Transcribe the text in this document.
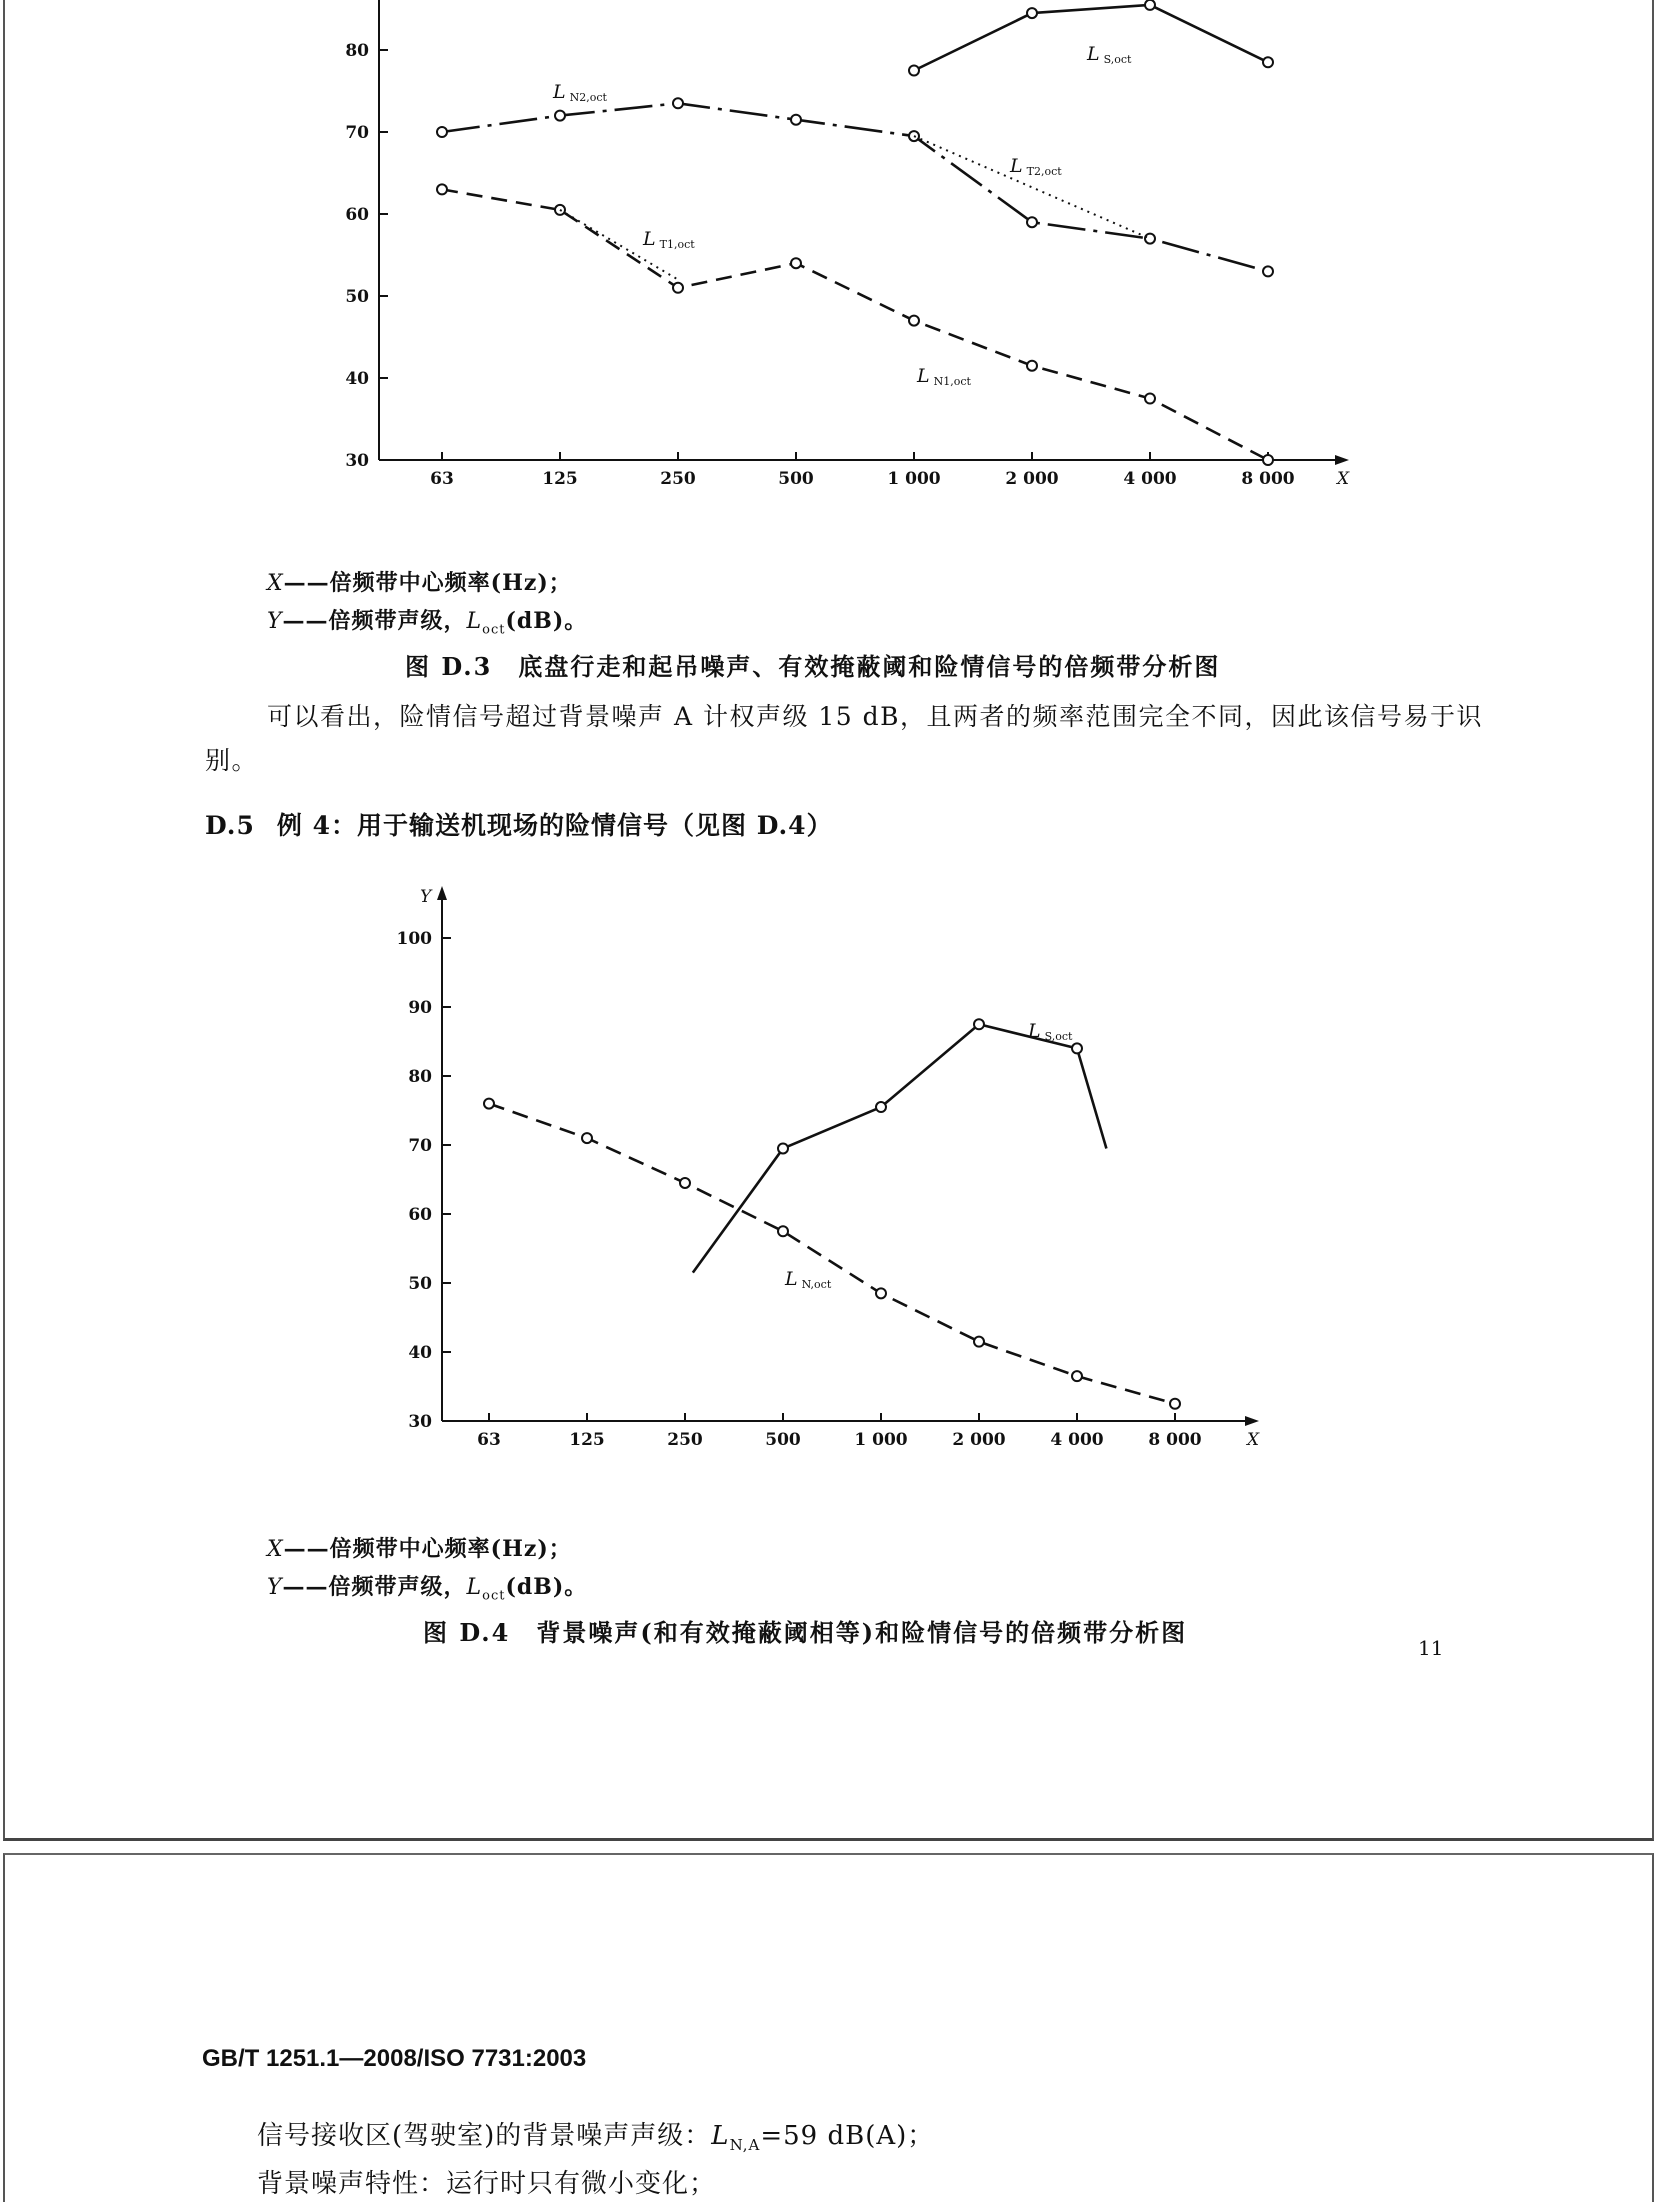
30
40
50
60
70
80
63	125	250	500	1 000	2 000	4 000	8 000 X
L N2,oct
L N1,oct
L S,oct
L T1,oct
L T2,oct
X——倍频带中心频率(Hz)；
Y——倍频带声级，$L_{oct}(dB)$。
图 D.3 底盘行走和起吊噪声、有效掩蔽阈和险情信号的倍频带分析图
可以看出，险情信号超过背景噪声 A 计权声级 15 dB，且两者的频率范围完全不同，因此该信号易于识别。
D.5 例 4：用于输送机现场的险情信号（见图 D.4）
Y
30
40
50
60
70
80
90
100
63	125	250	500	1 000	2 000	4 000	8 000	X
L N,oct
L S,oct
X——倍频带中心频率(Hz)；
Y——倍频带声级，$L_{oct}(dB)$。
图 D.4 背景噪声(和有效掩蔽阈相等)和险情信号的倍频带分析图
11
GB/T 1251.1—2008/ISO 7731:2003
信号接收区(驾驶室)的背景噪声声级：$L_{N,A}=59$ dB(A)；
背景噪声特性：运行时只有微小变化；
